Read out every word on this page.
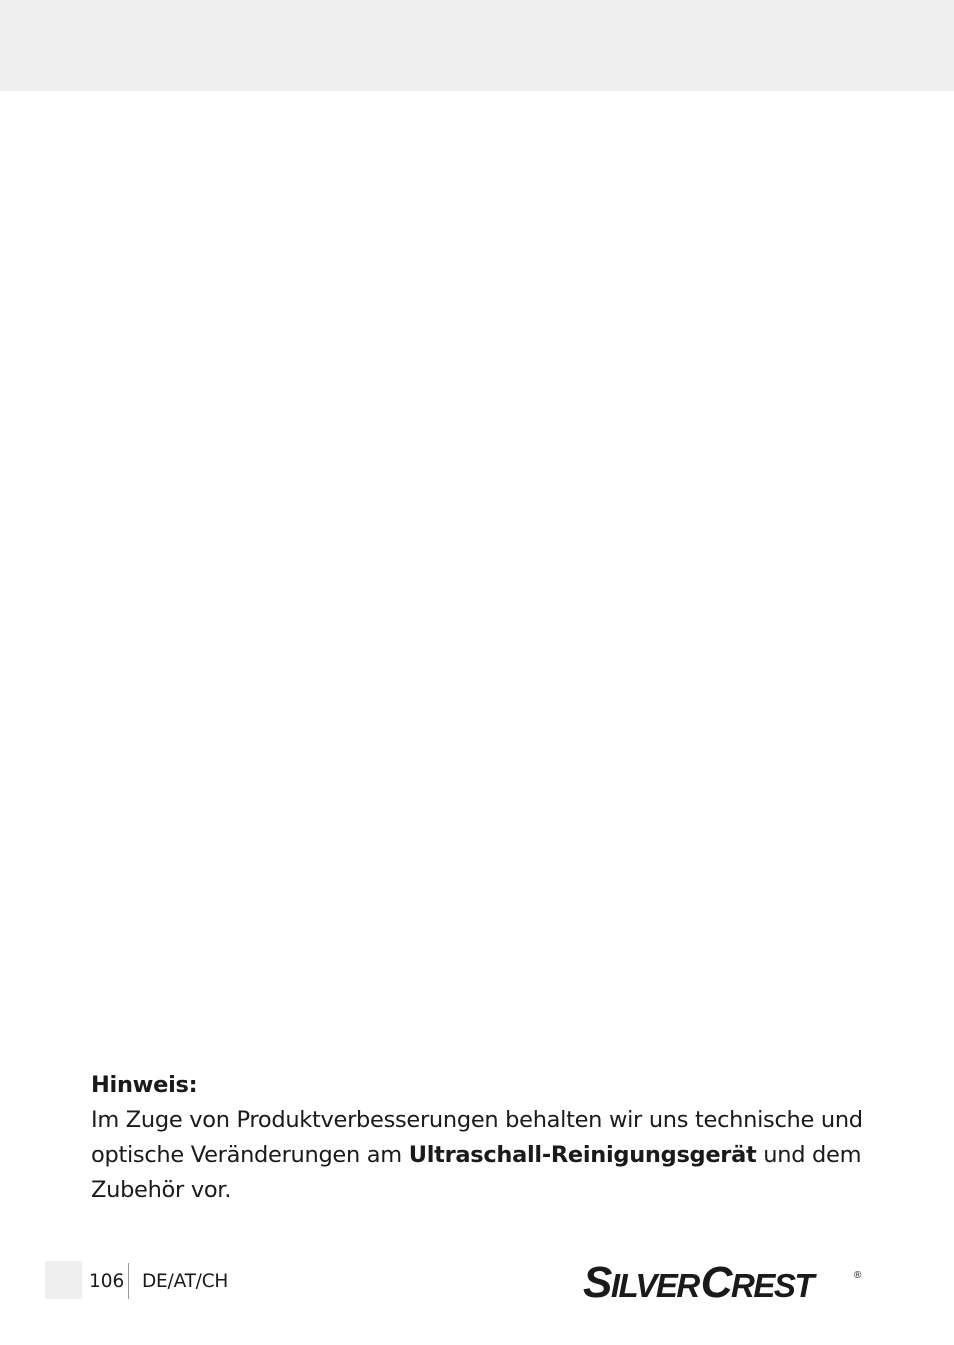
Hinweis:

Im Zuge von Produktverbesserungen behalten wir uns technische und optische Veränderungen am Ultraschall-Reinigungsgerät und dem Zubehör vor.

106 DE/AT/CH	SILVERCREST	®
